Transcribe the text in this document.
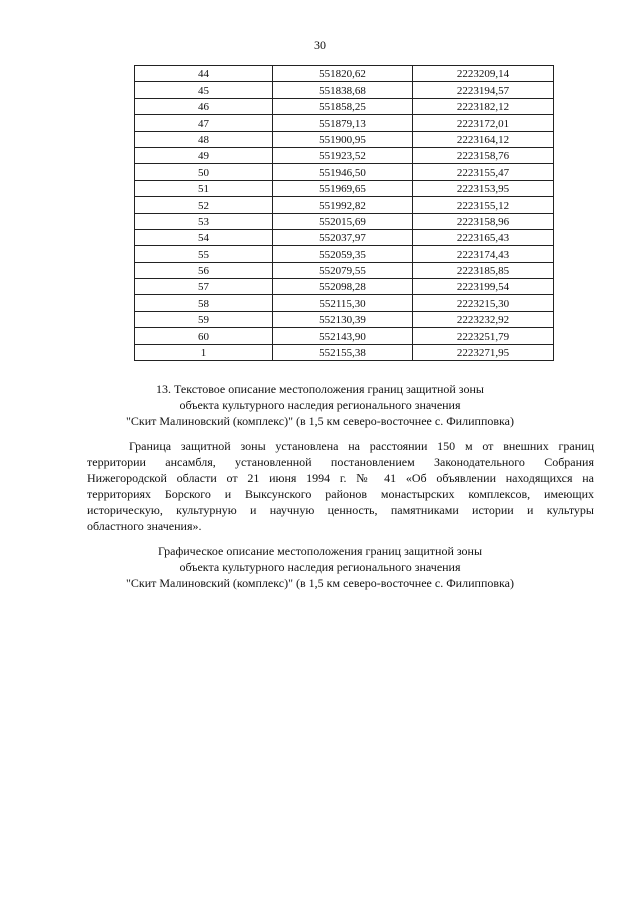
30
44	551820,62	2223209,14
45	551838,68	2223194,57
46	551858,25	2223182,12
47	551879,13	2223172,01
48	551900,95	2223164,12
49	551923,52	2223158,76
50	551946,50	2223155,47
51	551969,65	2223153,95
52	551992,82	2223155,12
53	552015,69	2223158,96
54	552037,97	2223165,43
55	552059,35	2223174,43
56	552079,55	2223185,85
57	552098,28	2223199,54
58	552115,30	2223215,30
59	552130,39	2223232,92
60	552143,90	2223251,79
1	552155,38	2223271,95
13. Текстовое описание местоположения границ защитной зоны
объекта культурного наследия регионального значения
"Скит Малиновский (комплекс)" (в 1,5 км северо-восточнее с. Филипповка)
Граница защитной зоны установлена на расстоянии 150 м от внешних границ
территории ансамбля, установленной постановлением Законодательного Собрания
Нижегородской области от 21 июня 1994 г. № 41 «Об объявлении находящихся на
территориях Борского и Выксунского районов монастырских комплексов, имеющих
историческую, культурную и научную ценность, памятниками истории и культуры
областного значения».
Графическое описание местоположения границ защитной зоны
объекта культурного наследия регионального значения
"Скит Малиновский (комплекс)" (в 1,5 км северо-восточнее с. Филипповка)
